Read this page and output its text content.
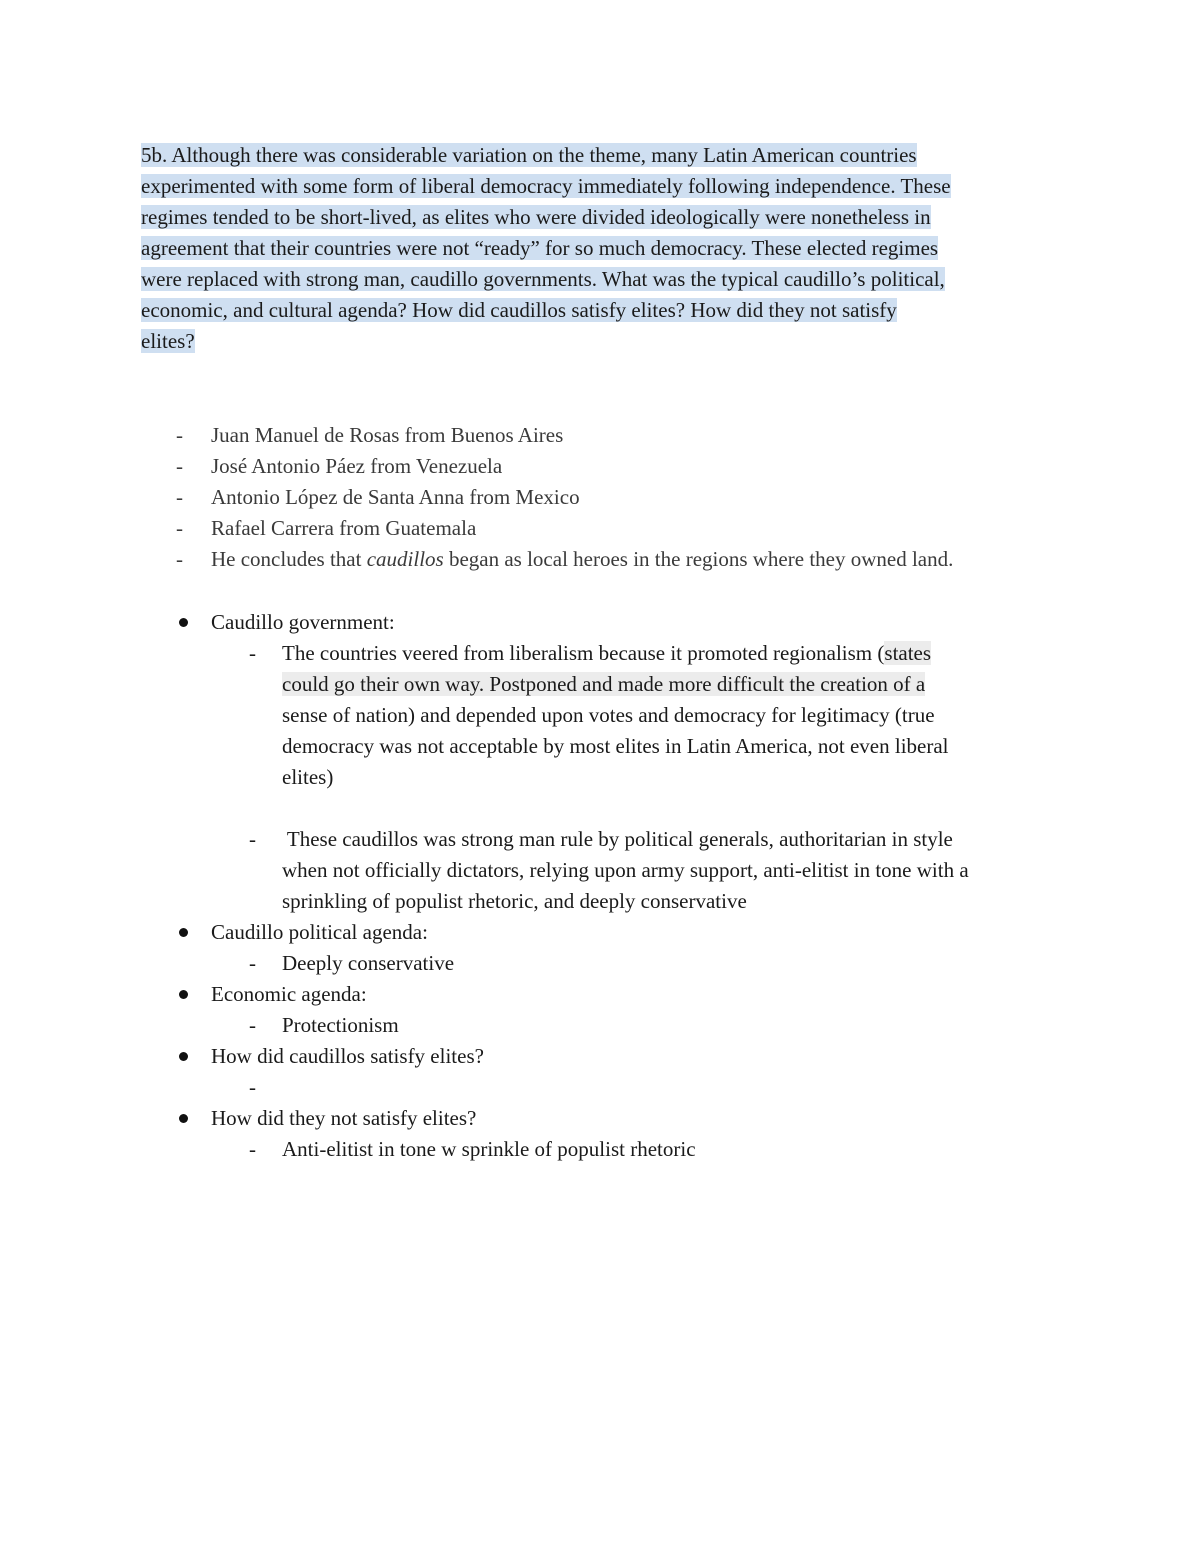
5b. Although there was considerable variation on the theme, many Latin American countries
experimented with some form of liberal democracy immediately following independence. These
regimes tended to be short-lived, as elites who were divided ideologically were nonetheless in
agreement that their countries were not “ready” for so much democracy. These elected regimes
were replaced with strong man, caudillo governments. What was the typical caudillo’s political,
economic, and cultural agenda? How did caudillos satisfy elites? How did they not satisfy
elites?
- Juan Manuel de Rosas from Buenos Aires
- José Antonio Páez from Venezuela
- Antonio López de Santa Anna from Mexico
- Rafael Carrera from Guatemala
- He concludes that caudillos began as local heroes in the regions where they owned land.
Caudillo government:
- The countries veered from liberalism because it promoted regionalism (states
could go their own way. Postponed and made more difficult the creation of a
sense of nation) and depended upon votes and democracy for legitimacy (true
democracy was not acceptable by most elites in Latin America, not even liberal
elites)
- These caudillos was strong man rule by political generals, authoritarian in style
when not officially dictators, relying upon army support, anti-elitist in tone with a
sprinkling of populist rhetoric, and deeply conservative
Caudillo political agenda:
- Deeply conservative
Economic agenda:
- Protectionism
How did caudillos satisfy elites?
-
How did they not satisfy elites?
- Anti-elitist in tone w sprinkle of populist rhetoric
